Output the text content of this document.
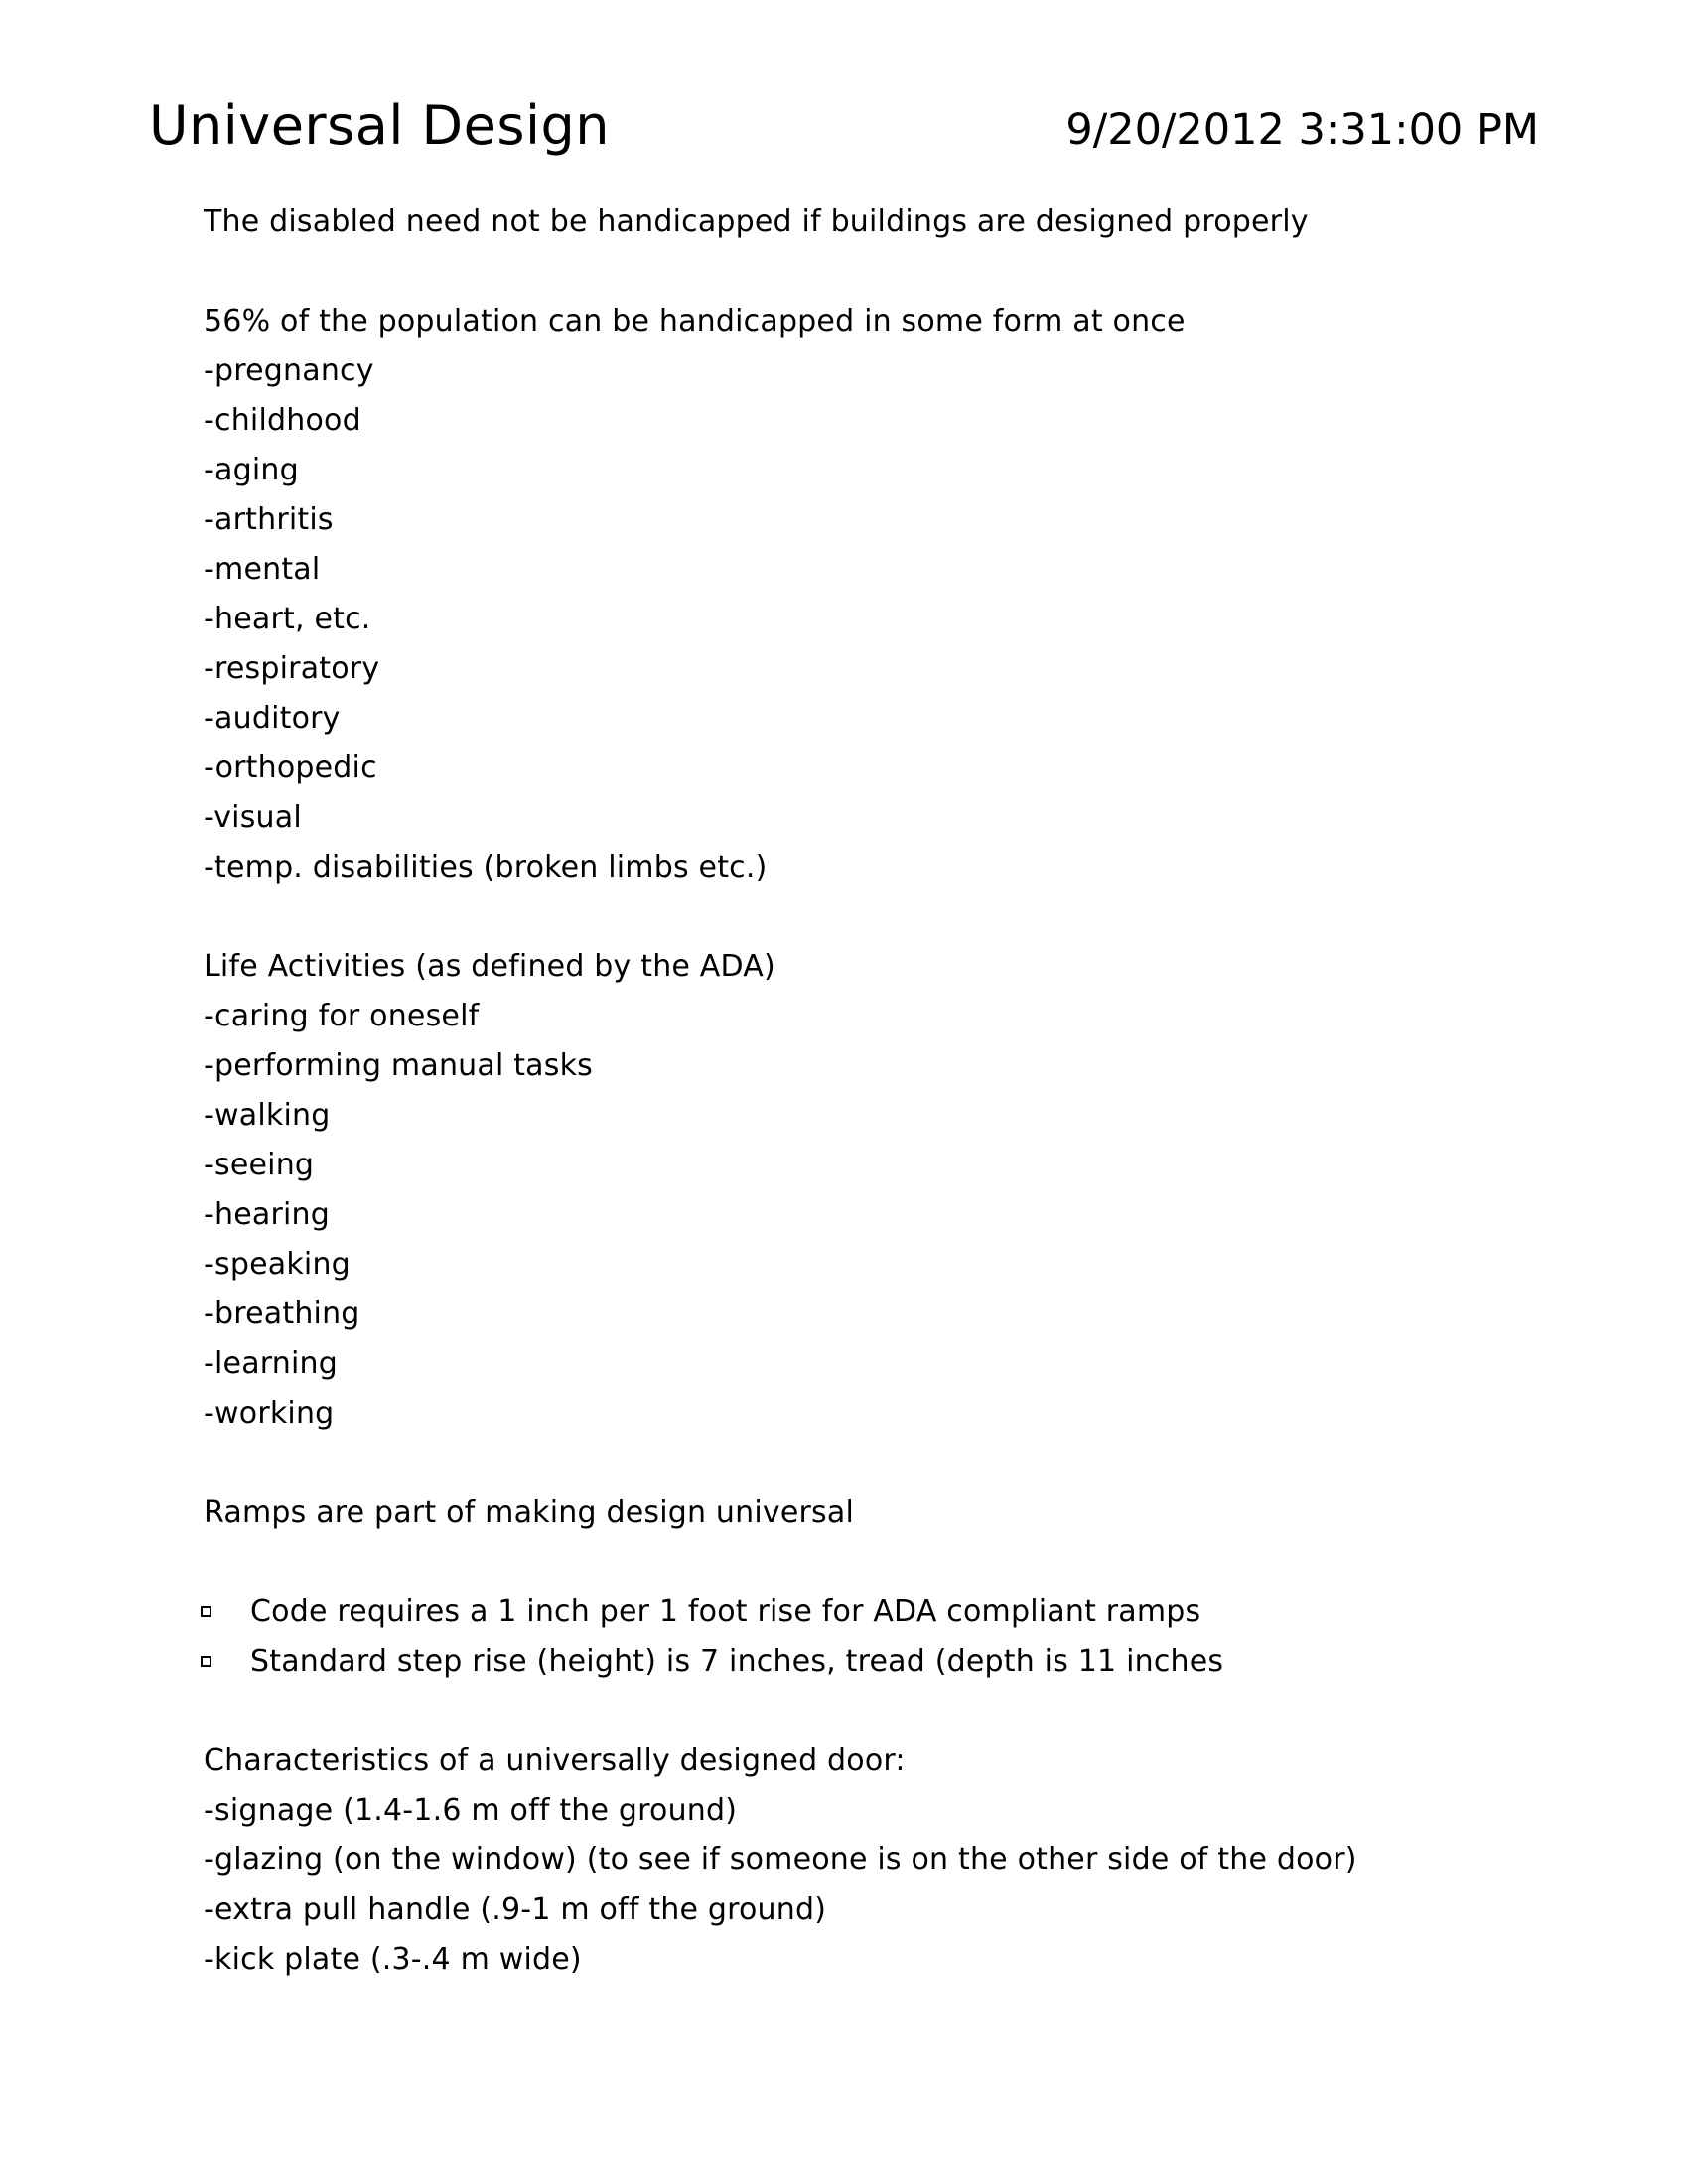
Universal Design	9/20/2012 3:31:00 PM
The disabled need not be handicapped if buildings are designed properly
56% of the population can be handicapped in some form at once
-pregnancy
-childhood
-aging
-arthritis
-mental
-heart, etc.
-respiratory
-auditory
-orthopedic
-visual
-temp. disabilities (broken limbs etc.)
Life Activities (as defined by the ADA)
-caring for oneself
-performing manual tasks
-walking
-seeing
-hearing
-speaking
-breathing
-learning
-working
Ramps are part of making design universal
Code requires a 1 inch per 1 foot rise for ADA compliant ramps
Standard step rise (height) is 7 inches, tread (depth is 11 inches
Characteristics of a universally designed door:
-signage (1.4-1.6 m off the ground)
-glazing (on the window) (to see if someone is on the other side of the door)
-extra pull handle (.9-1 m off the ground)
-kick plate (.3-.4 m wide)
